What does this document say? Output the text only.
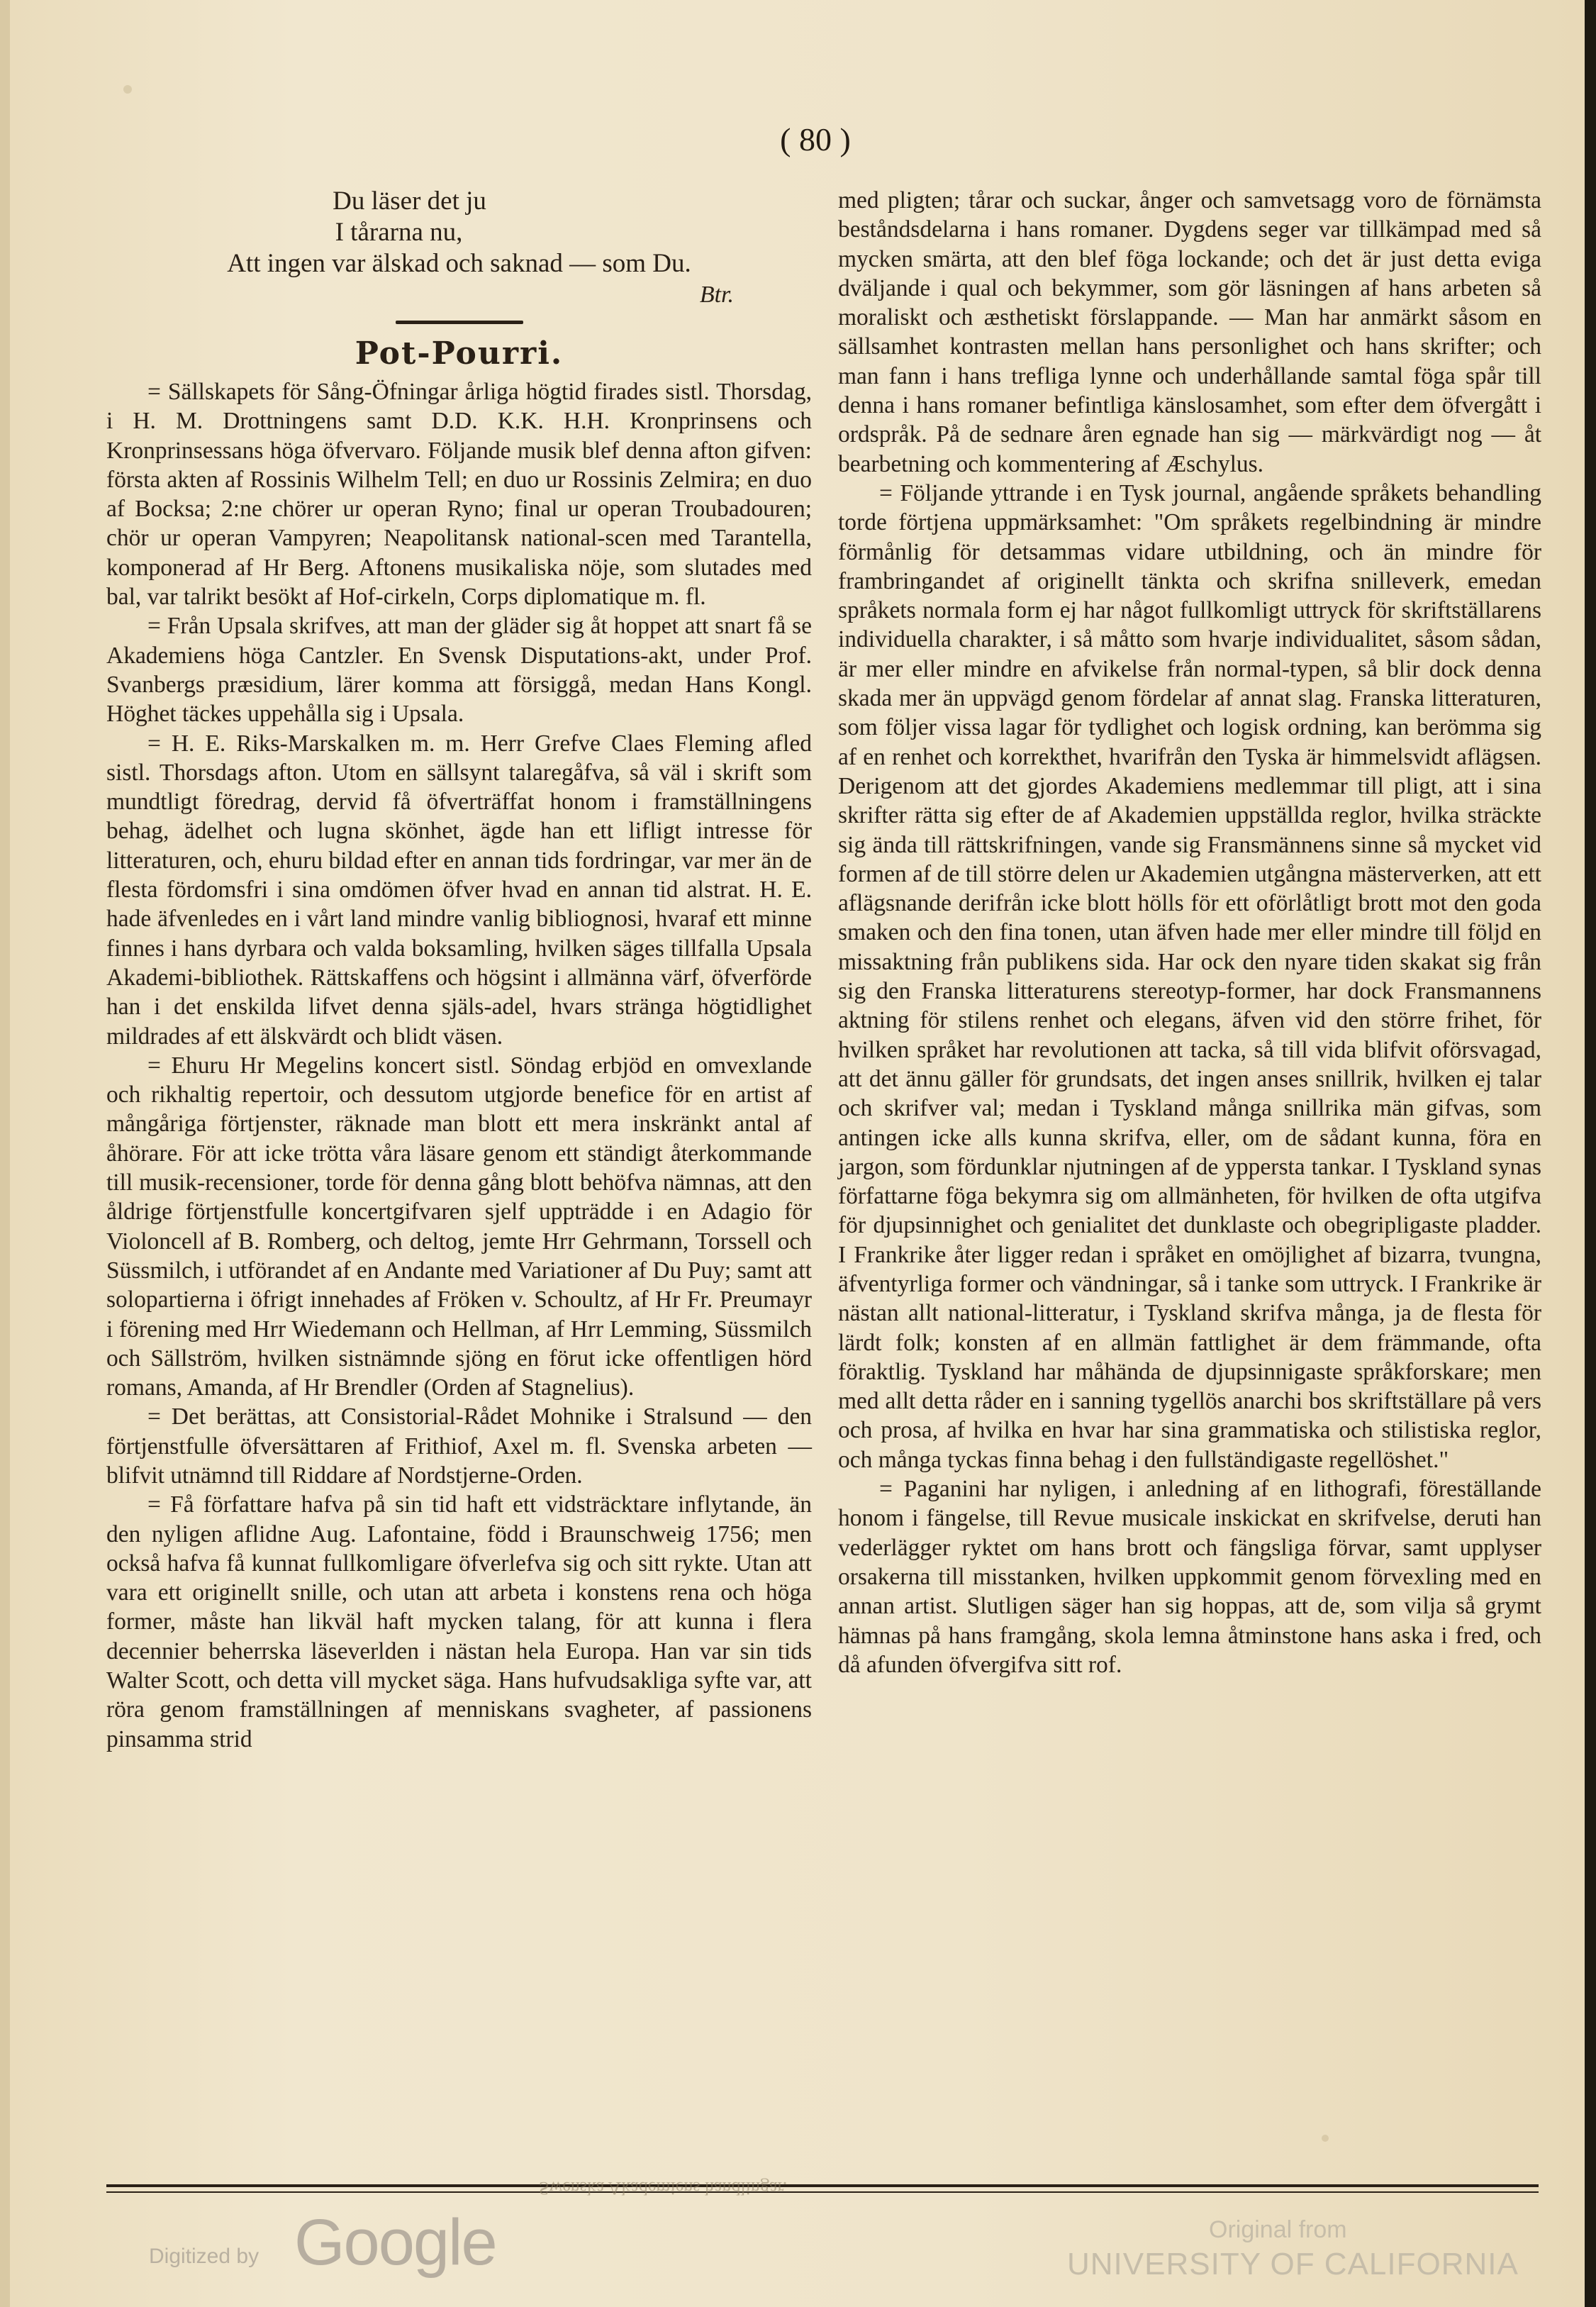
( 80 )
Du läser det ju
I tårarna nu,
Att ingen var älskad och saknad — som Du.
Btr.
Pot-Pourri.

= Sällskapets för Sång-Öfningar årliga högtid firades sistl. Thorsdag, i H. M. Drottningens samt D.D. K.K. H.H. Kronprinsens och Kronprinsessans höga öfvervaro. Följande musik blef denna afton gifven: första akten af Rossinis Wilhelm Tell; en duo ur Rossinis Zelmira; en duo af Bocksa; 2:ne chörer ur operan Ryno; final ur operan Troubadouren; chör ur operan Vampyren; Neapolitansk national-scen med Tarantella, komponerad af Hr Berg. Aftonens musikaliska nöje, som slutades med bal, var talrikt besökt af Hof-cirkeln, Corps diplomatique m. fl.

= Från Upsala skrifves, att man der gläder sig åt hoppet att snart få se Akademiens höga Cantzler. En Svensk Disputations-akt, under Prof. Svanbergs præsidium, lärer komma att försiggå, medan Hans Kongl. Höghet täckes uppehålla sig i Upsala.

= H. E. Riks-Marskalken m. m. Herr Grefve Claes Fleming afled sistl. Thorsdags afton. Utom en sällsynt talaregåfva, så väl i skrift som mundtligt föredrag, dervid få öfverträffat honom i framställningens behag, ädelhet och lugna skönhet, ägde han ett lifligt intresse för litteraturen, och, ehuru bildad efter en annan tids fordringar, var mer än de flesta fördomsfri i sina omdömen öfver hvad en annan tid alstrat. H. E. hade äfvenledes en i vårt land mindre vanlig bibliognosi, hvaraf ett minne finnes i hans dyrbara och valda boksamling, hvilken säges tillfalla Upsala Akademi-bibliothek. Rättskaffens och högsint i allmänna värf, öfverförde han i det enskilda lifvet denna själs-adel, hvars stränga högtidlighet mildrades af ett älskvärdt och blidt väsen.

= Ehuru Hr Megelins koncert sistl. Söndag erbjöd en omvexlande och rikhaltig repertoir, och dessutom utgjorde benefice för en artist af mångåriga förtjenster, räknade man blott ett mera inskränkt antal af åhörare. För att icke trötta våra läsare genom ett ständigt återkommande till musik-recensioner, torde för denna gång blott behöfva nämnas, att den åldrige förtjenstfulle koncertgifvaren sjelf uppträdde i en Adagio för Violoncell af B. Romberg, och deltog, jemte Hrr Gehrmann, Torssell och Süssmilch, i utförandet af en Andante med Variationer af Du Puy; samt att solopartierna i öfrigt innehades af Fröken v. Schoultz, af Hr Fr. Preumayr i förening med Hrr Wiedemann och Hellman, af Hrr Lemming, Süssmilch och Sällström, hvilken sistnämnde sjöng en förut icke offentligen hörd romans, Amanda, af Hr Brendler (Orden af Stagnelius).

= Det berättas, att Consistorial-Rådet Mohnike i Stralsund — den förtjenstfulle öfversättaren af Frithiof, Axel m. fl. Svenska arbeten — blifvit utnämnd till Riddare af Nordstjerne-Orden.

= Få författare hafva på sin tid haft ett vidsträcktare inflytande, än den nyligen aflidne Aug. Lafontaine, född i Braunschweig 1756; men också hafva få kunnat fullkomligare öfverlefva sig och sitt rykte. Utan att vara ett originellt snille, och utan att arbeta i konstens rena och höga former, måste han likväl haft mycken talang, för att kunna i flera decennier beherrska läseverlden i nästan hela Europa. Han var sin tids Walter Scott, och detta vill mycket säga. Hans hufvudsakliga syfte var, att röra genom framställningen af menniskans svagheter, af passionens pinsamma strid

med pligten; tårar och suckar, ånger och samvetsagg voro de förnämsta beståndsdelarna i hans romaner. Dygdens seger var tillkämpad med så mycken smärta, att den blef föga lockande; och det är just detta eviga dväljande i qual och bekymmer, som gör läsningen af hans arbeten så moraliskt och æsthetiskt förslappande. — Man har anmärkt såsom en sällsamhet kontrasten mellan hans personlighet och hans skrifter; och man fann i hans trefliga lynne och underhållande samtal föga spår till denna i hans romaner befintliga känslosamhet, som efter dem öfvergått i ordspråk. På de sednare åren egnade han sig — märkvärdigt nog — åt bearbetning och kommentering af Æschylus.

= Följande yttrande i en Tysk journal, angående språkets behandling torde förtjena uppmärksamhet: "Om språkets regelbindning är mindre förmånlig för detsammas vidare utbildning, och än mindre för frambringandet af originellt tänkta och skrifna snilleverk, emedan språkets normala form ej har något fullkomligt uttryck för skriftställarens individuella charakter, i så måtto som hvarje individualitet, såsom sådan, är mer eller mindre en afvikelse från normal-typen, så blir dock denna skada mer än uppvägd genom fördelar af annat slag. Franska litteraturen, som följer vissa lagar för tydlighet och logisk ordning, kan berömma sig af en renhet och korrekthet, hvarifrån den Tyska är himmelsvidt aflägsen. Derigenom att det gjordes Akademiens medlemmar till pligt, att i sina skrifter rätta sig efter de af Akademien uppställda reglor, hvilka sträckte sig ända till rättskrifningen, vande sig Fransmännens sinne så mycket vid formen af de till större delen ur Akademien utgångna mästerverken, att ett aflägsnande derifrån icke blott hölls för ett oförlåtligt brott mot den goda smaken och den fina tonen, utan äfven hade mer eller mindre till följd en missaktning från publikens sida. Har ock den nyare tiden skakat sig från sig den Franska litteraturens stereotyp-former, har dock Fransmannens aktning för stilens renhet och elegans, äfven vid den större frihet, för hvilken språket har revolutionen att tacka, så till vida blifvit oförsvagad, att det ännu gäller för grundsats, det ingen anses snillrik, hvilken ej talar och skrifver val; medan i Tyskland många snillrika män gifvas, som antingen icke alls kunna skrifva, eller, om de sådant kunna, föra en jargon, som fördunklar njutningen af de ypperstа tankar. I Tyskland synas författarne föga bekymra sig om allmänheten, för hvilken de ofta utgifva för djupsinnighet och genialitet det dunklaste och obegripligaste pladder. I Frankrike åter ligger redan i språket en omöjlighet af bizarra, tvungna, äfventyrliga former och vändningar, så i tanke som uttryck. I Frankrike är nästan allt national-litteratur, i Tyskland skrifva många, ja de flesta för lärdt folk; konsten af en allmän fattlighet är dem främmande, ofta föraktlig. Tyskland har måhända de djupsinnigaste språkforskare; men med allt detta råder en i sanning tygellös anarchi bos skriftställare på vers och prosa, af hvilka en hvar har sina grammatiska och stilistiska reglor, och många tyckas finna behag i den fullständigaste regellöshet."

= Paganini har nyligen, i anledning af en lithografi, föreställande honom i fängelse, till Revue musicale inskickat en skrifvelse, deruti han vederlägger ryktet om hans brott och fängsliga förvar, samt upplyser orsakerna till misstanken, hvilken uppkommit genom förvexling med en annan artist. Slutligen säger han sig hoppas, att de, som vilja så grymt hämnas på hans framgång, skola lemna åtminstone hans aska i fred, och då afunden öfvergifva sitt rof.

Swenska Akademiens handlingar.
Digitized by Google	Original from
UNIVERSITY OF CALIFORNIA
